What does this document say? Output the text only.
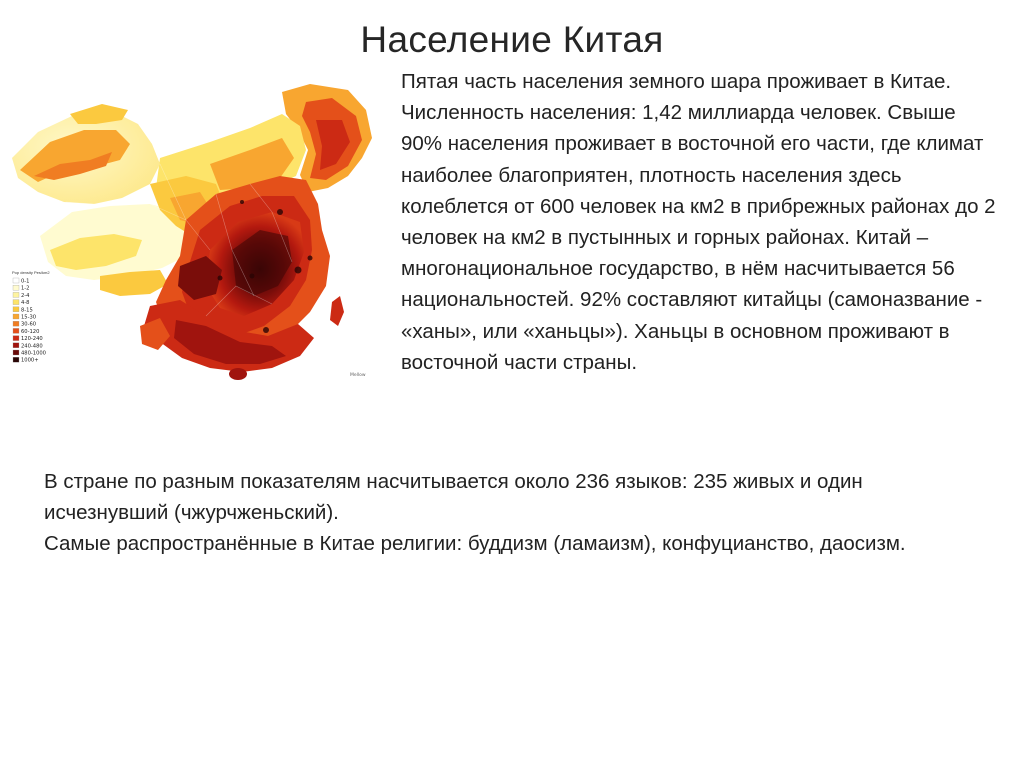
Население Китая
Pop density Pes/km2
0-1
1-2
2-4
4-8
8-15
15-30
30-60
60-120
120-240
240-480
480-1000
1000+
Mellow

Пятая часть населения земного шара проживает в Китае. Численность населения: 1,42 миллиарда человек. Свыше 90% населения проживает в восточной его части, где климат наиболее благоприятен, плотность населения здесь колеблется от 600 человек на км2 в прибрежных районах до 2 человек на км2 в пустынных и горных районах. Китай – многонациональное государство, в нём насчитывается 56 национальностей. 92% составляют китайцы (самоназвание - «ханы», или «ханьцы»). Ханьцы в основном проживают в восточной части страны.

В стране по разным показателям насчитывается около 236 языков: 235 живых и один исчезнувший (чжурчженьский).
Самые распространённые в Китае религии: буддизм (ламаизм), конфуцианство, даосизм.
